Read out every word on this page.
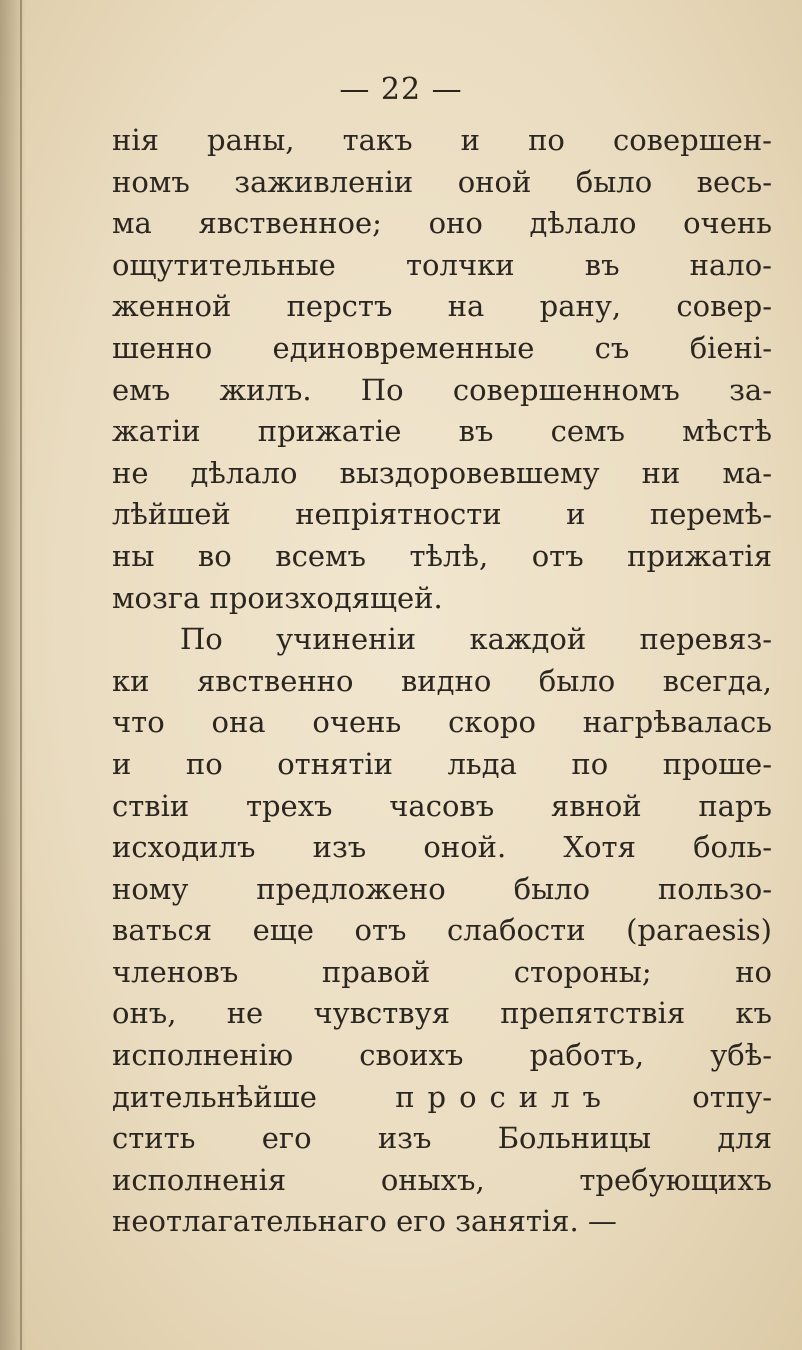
— 22 —
нія раны, такъ и по совершен-
номъ заживленіи оной было весь-
ма явственное; оно дѣлало очень
ощутительные толчки въ нало-
женной перстъ на рану, совер-
шенно единовременные съ біені-
емъ жилъ. По совершенномъ за-
жатіи прижатіе въ семъ мѣстѣ
не дѣлало выздоровевшему ни ма-
лѣйшей непріятности и перемѣ-
ны во всемъ тѣлѣ, отъ прижатія
мозга произходящей.
По учиненіи каждой перевяз-
ки явственно видно было всегда,
что она очень скоро нагрѣвалась
и по отнятіи льда по проше-
ствіи трехъ часовъ явной паръ
исходилъ изъ оной. Хотя боль-
ному предложено было пользо-
ваться еще отъ слабости (paraesis)
членовъ правой стороны; но
онъ, не чувствуя препятствія къ
исполненію своихъ работъ, убѣ-
дительнѣйше	просилъ	отпу-
стить его изъ Больницы для
исполненія оныхъ, требующихъ
неотлагательнаго его занятія. —
